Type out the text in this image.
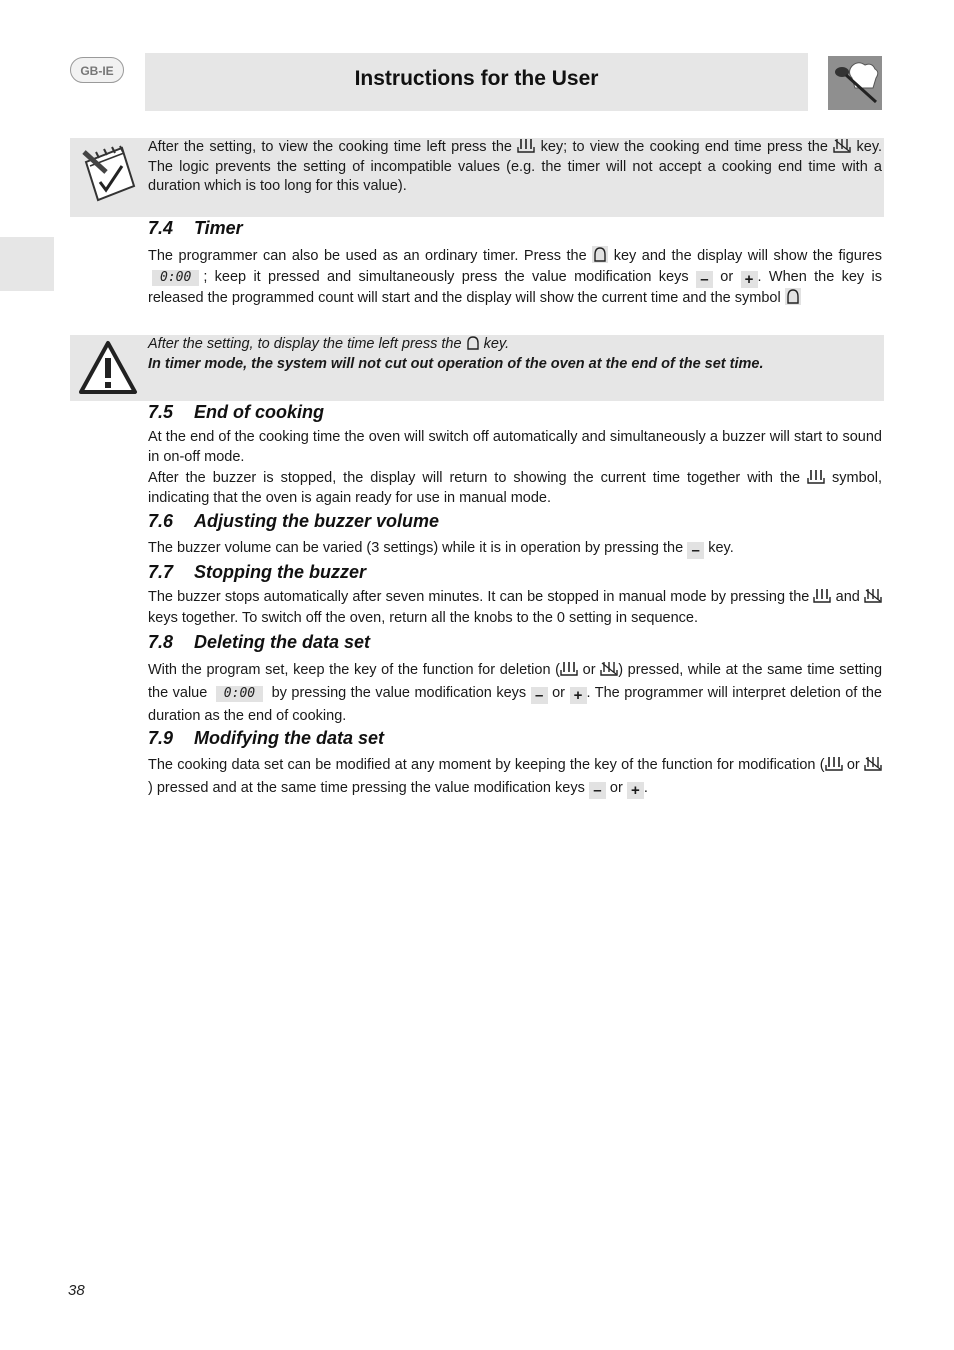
GB-IE	Instructions for the User
After the setting, to view the cooking time left press the key; to view the cooking end time press the key. The logic prevents the setting of incompatible values (e.g. the timer will not accept a cooking end time with a duration which is too long for this value).
7.4 Timer
The programmer can also be used as an ordinary timer. Press the key and the display will show the figures 0:00 ; keep it pressed and simultaneously press the value modification keys – or + . When the key is released the programmed count will start and the display will show the current time and the symbol
After the setting, to display the time left press the key.
In timer mode, the system will not cut out operation of the oven at the end of the set time.
7.5 End of cooking

At the end of the cooking time the oven will switch off automatically and simultaneously a buzzer will start to sound in on-off mode.

After the buzzer is stopped, the display will return to showing the current time together with the symbol, indicating that the oven is again ready for use in manual mode.

7.6 Adjusting the buzzer volume
The buzzer volume can be varied (3 settings) while it is in operation by pressing the – key.
7.7 Stopping the buzzer
The buzzer stops automatically after seven minutes. It can be stopped in manual mode by pressing the and  keys together. To switch off the oven, return all the knobs to the 0 setting in sequence.
7.8 Deleting the data set
With the program set, keep the key of the function for deletion ( or ) pressed, while at the same time setting the value 0:00 by pressing the value modification keys – or + . The programmer will interpret deletion of the duration as the end of cooking.
7.9 Modifying the data set
The cooking data set can be modified at any moment by keeping the key of the function for modification ( or ) pressed and at the same time pressing the value modification keys – or + .
38
